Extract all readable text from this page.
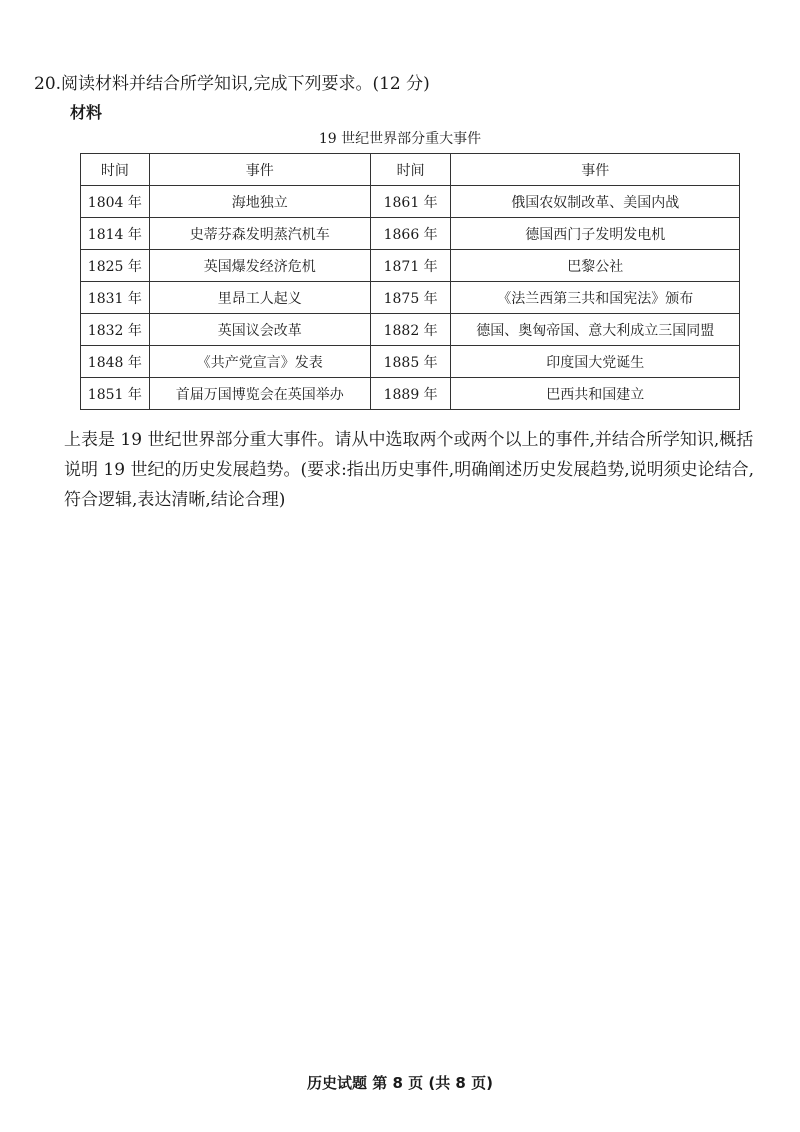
20.阅读材料并结合所学知识,完成下列要求。(12 分)
材料
19 世纪世界部分重大事件
时间	事件	时间	事件
1804 年	海地独立	1861 年	俄国农奴制改革、美国内战
1814 年	史蒂芬森发明蒸汽机车	1866 年	德国西门子发明发电机
1825 年	英国爆发经济危机	1871 年	巴黎公社
1831 年	里昂工人起义	1875 年	《法兰西第三共和国宪法》颁布
1832 年	英国议会改革	1882 年	德国、奥匈帝国、意大利成立三国同盟
1848 年	《共产党宣言》发表	1885 年	印度国大党诞生
1851 年	首届万国博览会在英国举办	1889 年	巴西共和国建立
上表是 19 世纪世界部分重大事件。请从中选取两个或两个以上的事件,并结合所学知识,概括说明 19 世纪的历史发展趋势。(要求:指出历史事件,明确阐述历史发展趋势,说明须史论结合,符合逻辑,表达清晰,结论合理)
历史试题 第 8 页 (共 8 页)
